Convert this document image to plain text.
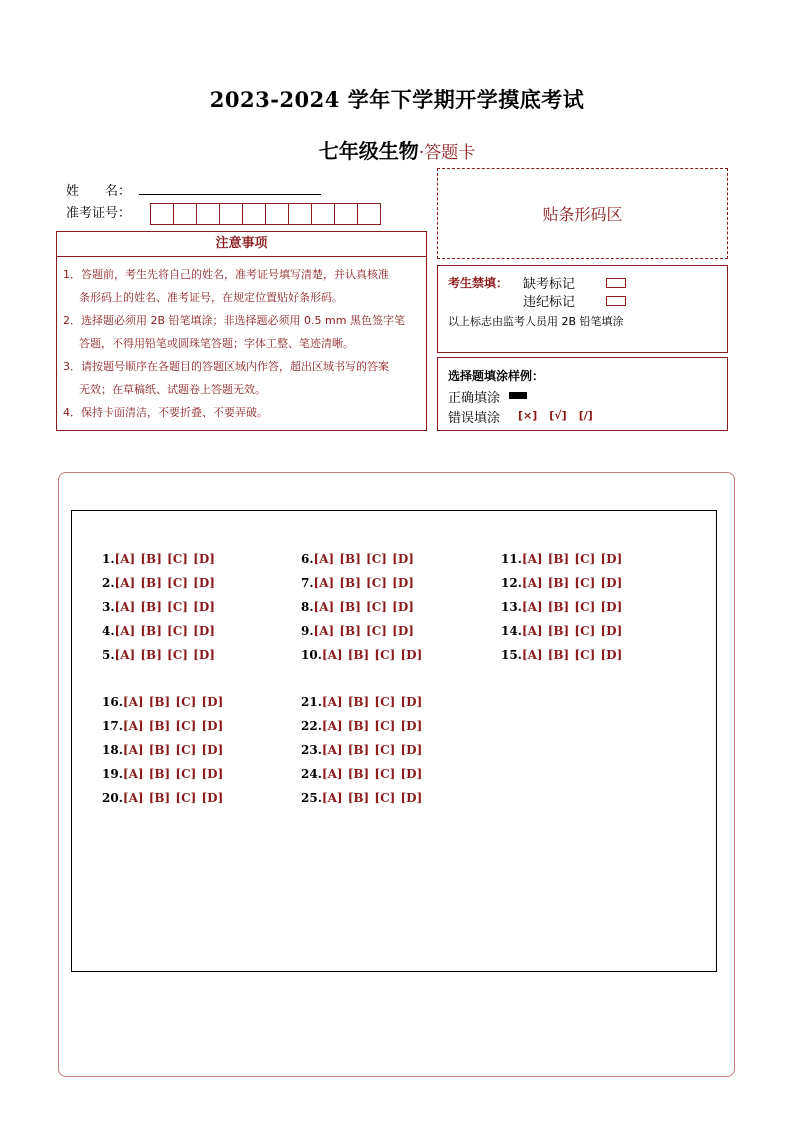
2023-2024 学年下学期开学摸底考试
七年级生物·答题卡
姓　　名：
准考证号：	贴条形码区
注意事项
1．答题前，考生先将自己的姓名，准考证号填写清楚，并认真核准
条形码上的姓名、准考证号，在规定位置贴好条形码。
2．选择题必须用 2B 铅笔填涂；非选择题必须用 0.5 mm 黑色签字笔
答题，不得用铅笔或圆珠笔答题；字体工整、笔迹清晰。
3．请按题号顺序在各题目的答题区域内作答，超出区域书写的答案
无效；在草稿纸、试题卷上答题无效。
4．保持卡面清洁，不要折叠、不要弄破。
考生禁填： 缺考标记
违纪标记
以上标志由监考人员用 2B 铅笔填涂
选择题填涂样例：
正确填涂
错误填涂 [×] [√] [/]
1.[A] [B] [C] [D]
2.[A] [B] [C] [D]
3.[A] [B] [C] [D]
4.[A] [B] [C] [D]
5.[A] [B] [C] [D]
6.[A] [B] [C] [D]
7.[A] [B] [C] [D]
8.[A] [B] [C] [D]
9.[A] [B] [C] [D]
10.[A] [B] [C] [D]
11.[A] [B] [C] [D]
12.[A] [B] [C] [D]
13.[A] [B] [C] [D]
14.[A] [B] [C] [D]
15.[A] [B] [C] [D]
16.[A] [B] [C] [D]
17.[A] [B] [C] [D]
18.[A] [B] [C] [D]
19.[A] [B] [C] [D]
20.[A] [B] [C] [D]
21.[A] [B] [C] [D]
22.[A] [B] [C] [D]
23.[A] [B] [C] [D]
24.[A] [B] [C] [D]
25.[A] [B] [C] [D]
